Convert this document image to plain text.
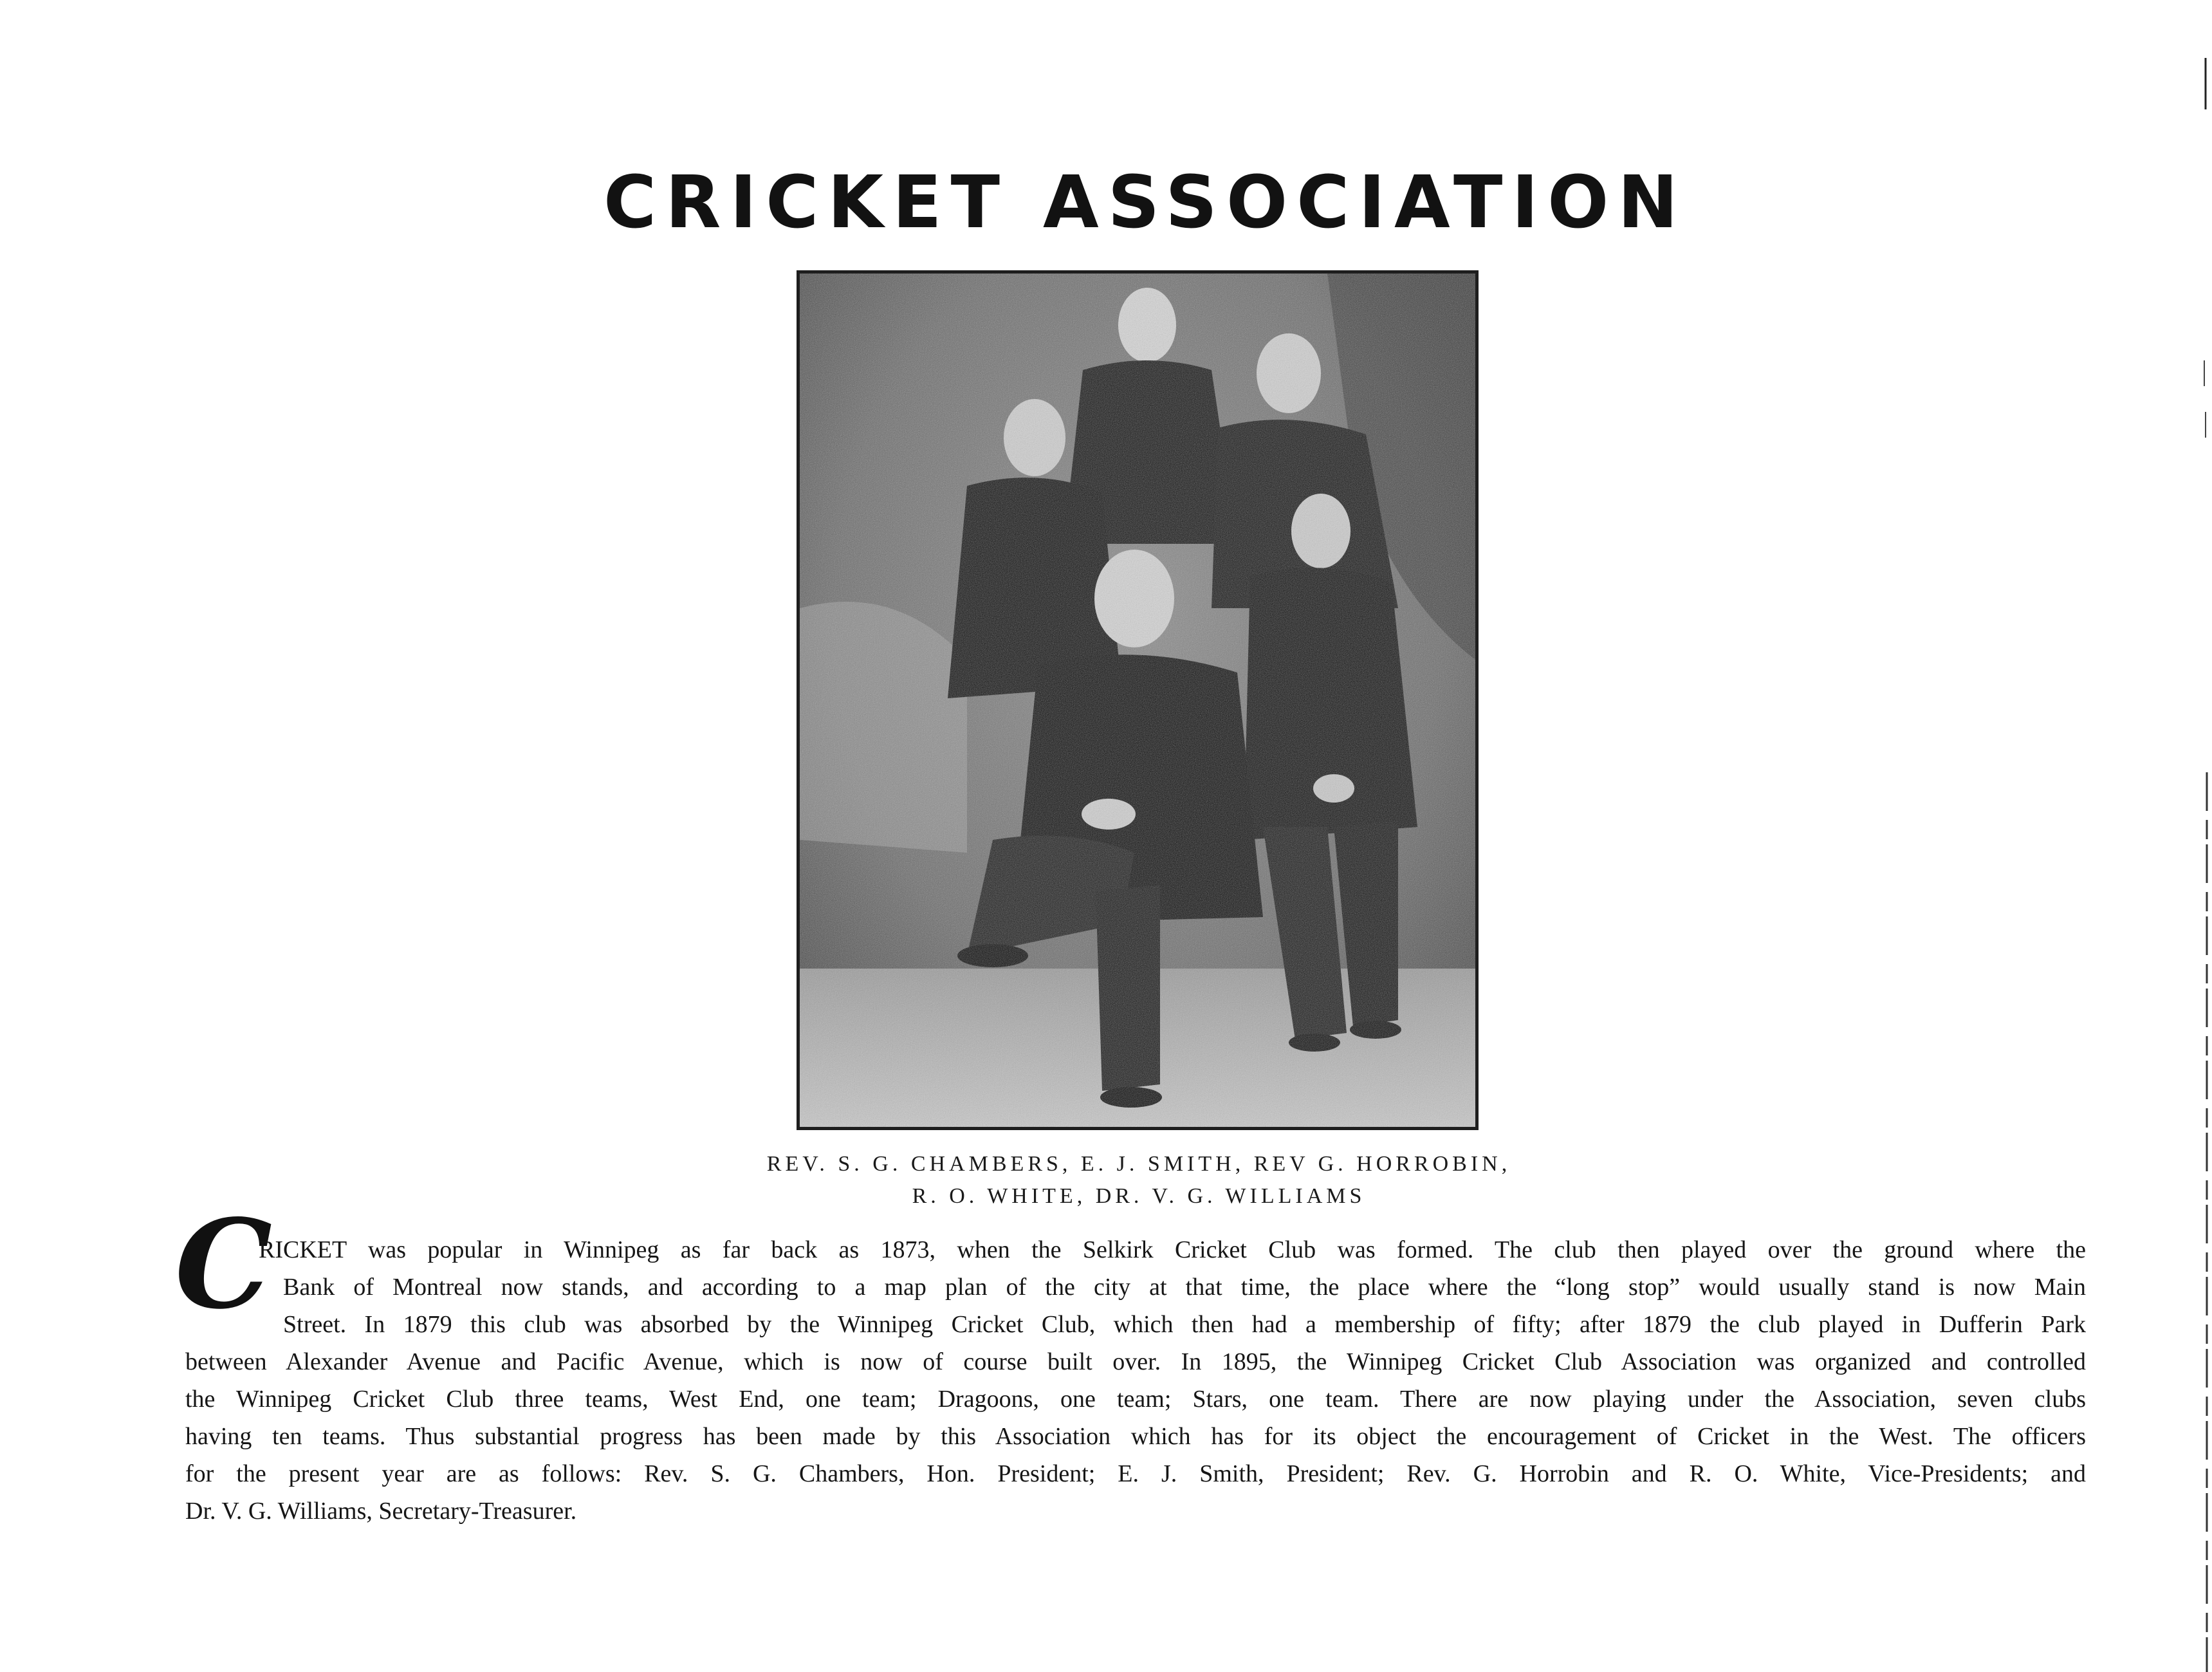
CRICKET ASSOCIATION
REV. S. G. CHAMBERS, E. J. SMITH, REV G. HORROBIN,
R. O. WHITE, DR. V. G. WILLIAMS
C
RICKET was popular in Winnipeg as far back as 1873, when the Selkirk Cricket Club was formed. The club then played over the ground where the
Bank of Montreal now stands, and according to a map plan of the city at that time, the place where the “long stop” would usually stand is now Main
Street. In 1879 this club was absorbed by the Winnipeg Cricket Club, which then had a membership of fifty; after 1879 the club played in Dufferin Park
between Alexander Avenue and Pacific Avenue, which is now of course built over. In 1895, the Winnipeg Cricket Club Association was organized and controlled
the Winnipeg Cricket Club three teams, West End, one team; Dragoons, one team; Stars, one team. There are now playing under the Association, seven clubs
having ten teams. Thus substantial progress has been made by this Association which has for its object the encouragement of Cricket in the West. The officers
for the present year are as follows: Rev. S. G. Chambers, Hon. President; E. J. Smith, President; Rev. G. Horrobin and R. O. White, Vice-Presidents; and
Dr. V. G. Williams, Secretary-Treasurer.
